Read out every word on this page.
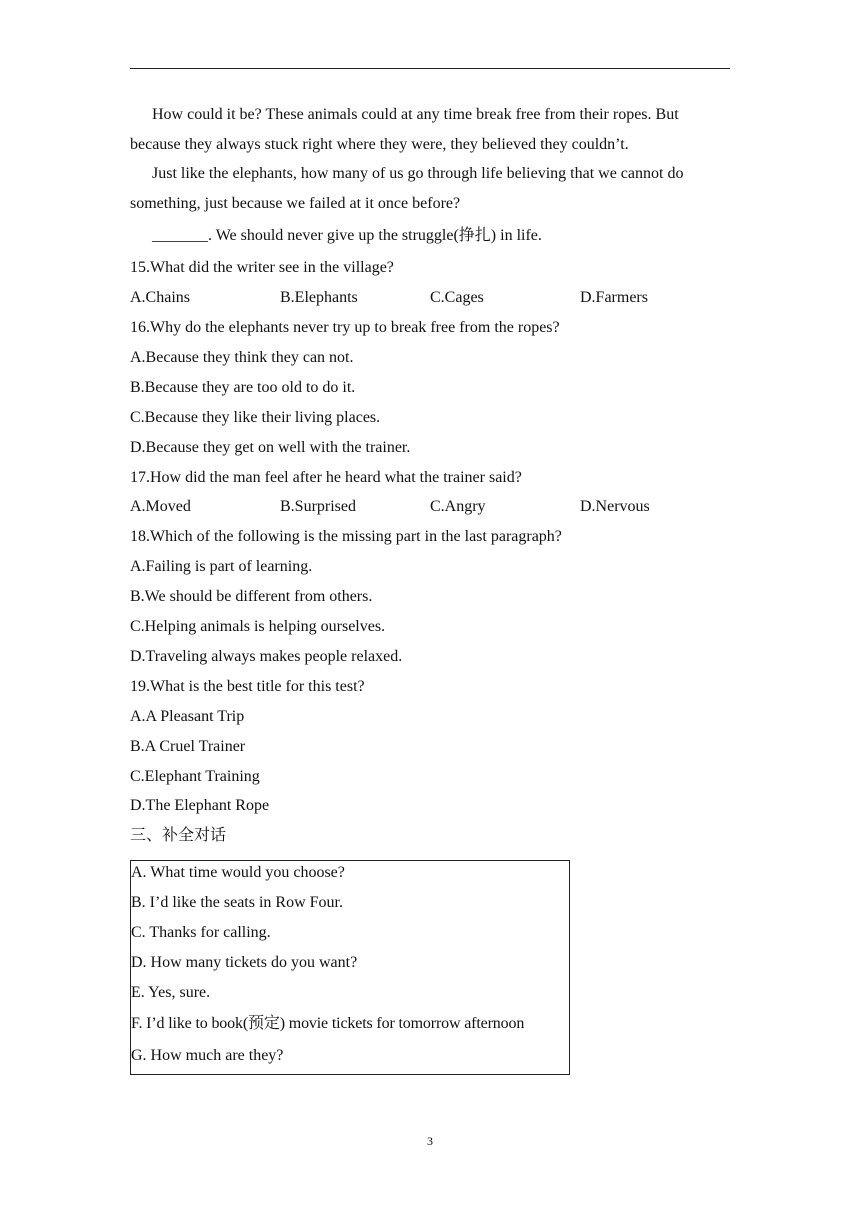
How could it be? These animals could at any time break free from their ropes. But because they always stuck right where they were, they believed they couldn’t.

Just like the elephants, how many of us go through life believing that we cannot do something, just because we failed at it once before?

_______. We should never give up the struggle(挣扎) in life.

15.What did the writer see in the village?
A.Chains	B.Elephants	C.Cages	D.Farmers
16.Why do the elephants never try up to break free from the ropes?
A.Because they think they can not.
B.Because they are too old to do it.
C.Because they like their living places.
D.Because they get on well with the trainer.
17.How did the man feel after he heard what the trainer said?
A.Moved	B.Surprised	C.Angry	D.Nervous
18.Which of the following is the missing part in the last paragraph?
A.Failing is part of learning.
B.We should be different from others.
C.Helping animals is helping ourselves.
D.Traveling always makes people relaxed.
19.What is the best title for this test?
A.A Pleasant Trip
B.A Cruel Trainer
C.Elephant Training
D.The Elephant Rope
三、补全对话
A. What time would you choose?
B. I’d like the seats in Row Four.
C. Thanks for calling.
D. How many tickets do you want?
E. Yes, sure.
F. I’d like to book(预定) movie tickets for tomorrow afternoon
G. How much are they?
3
